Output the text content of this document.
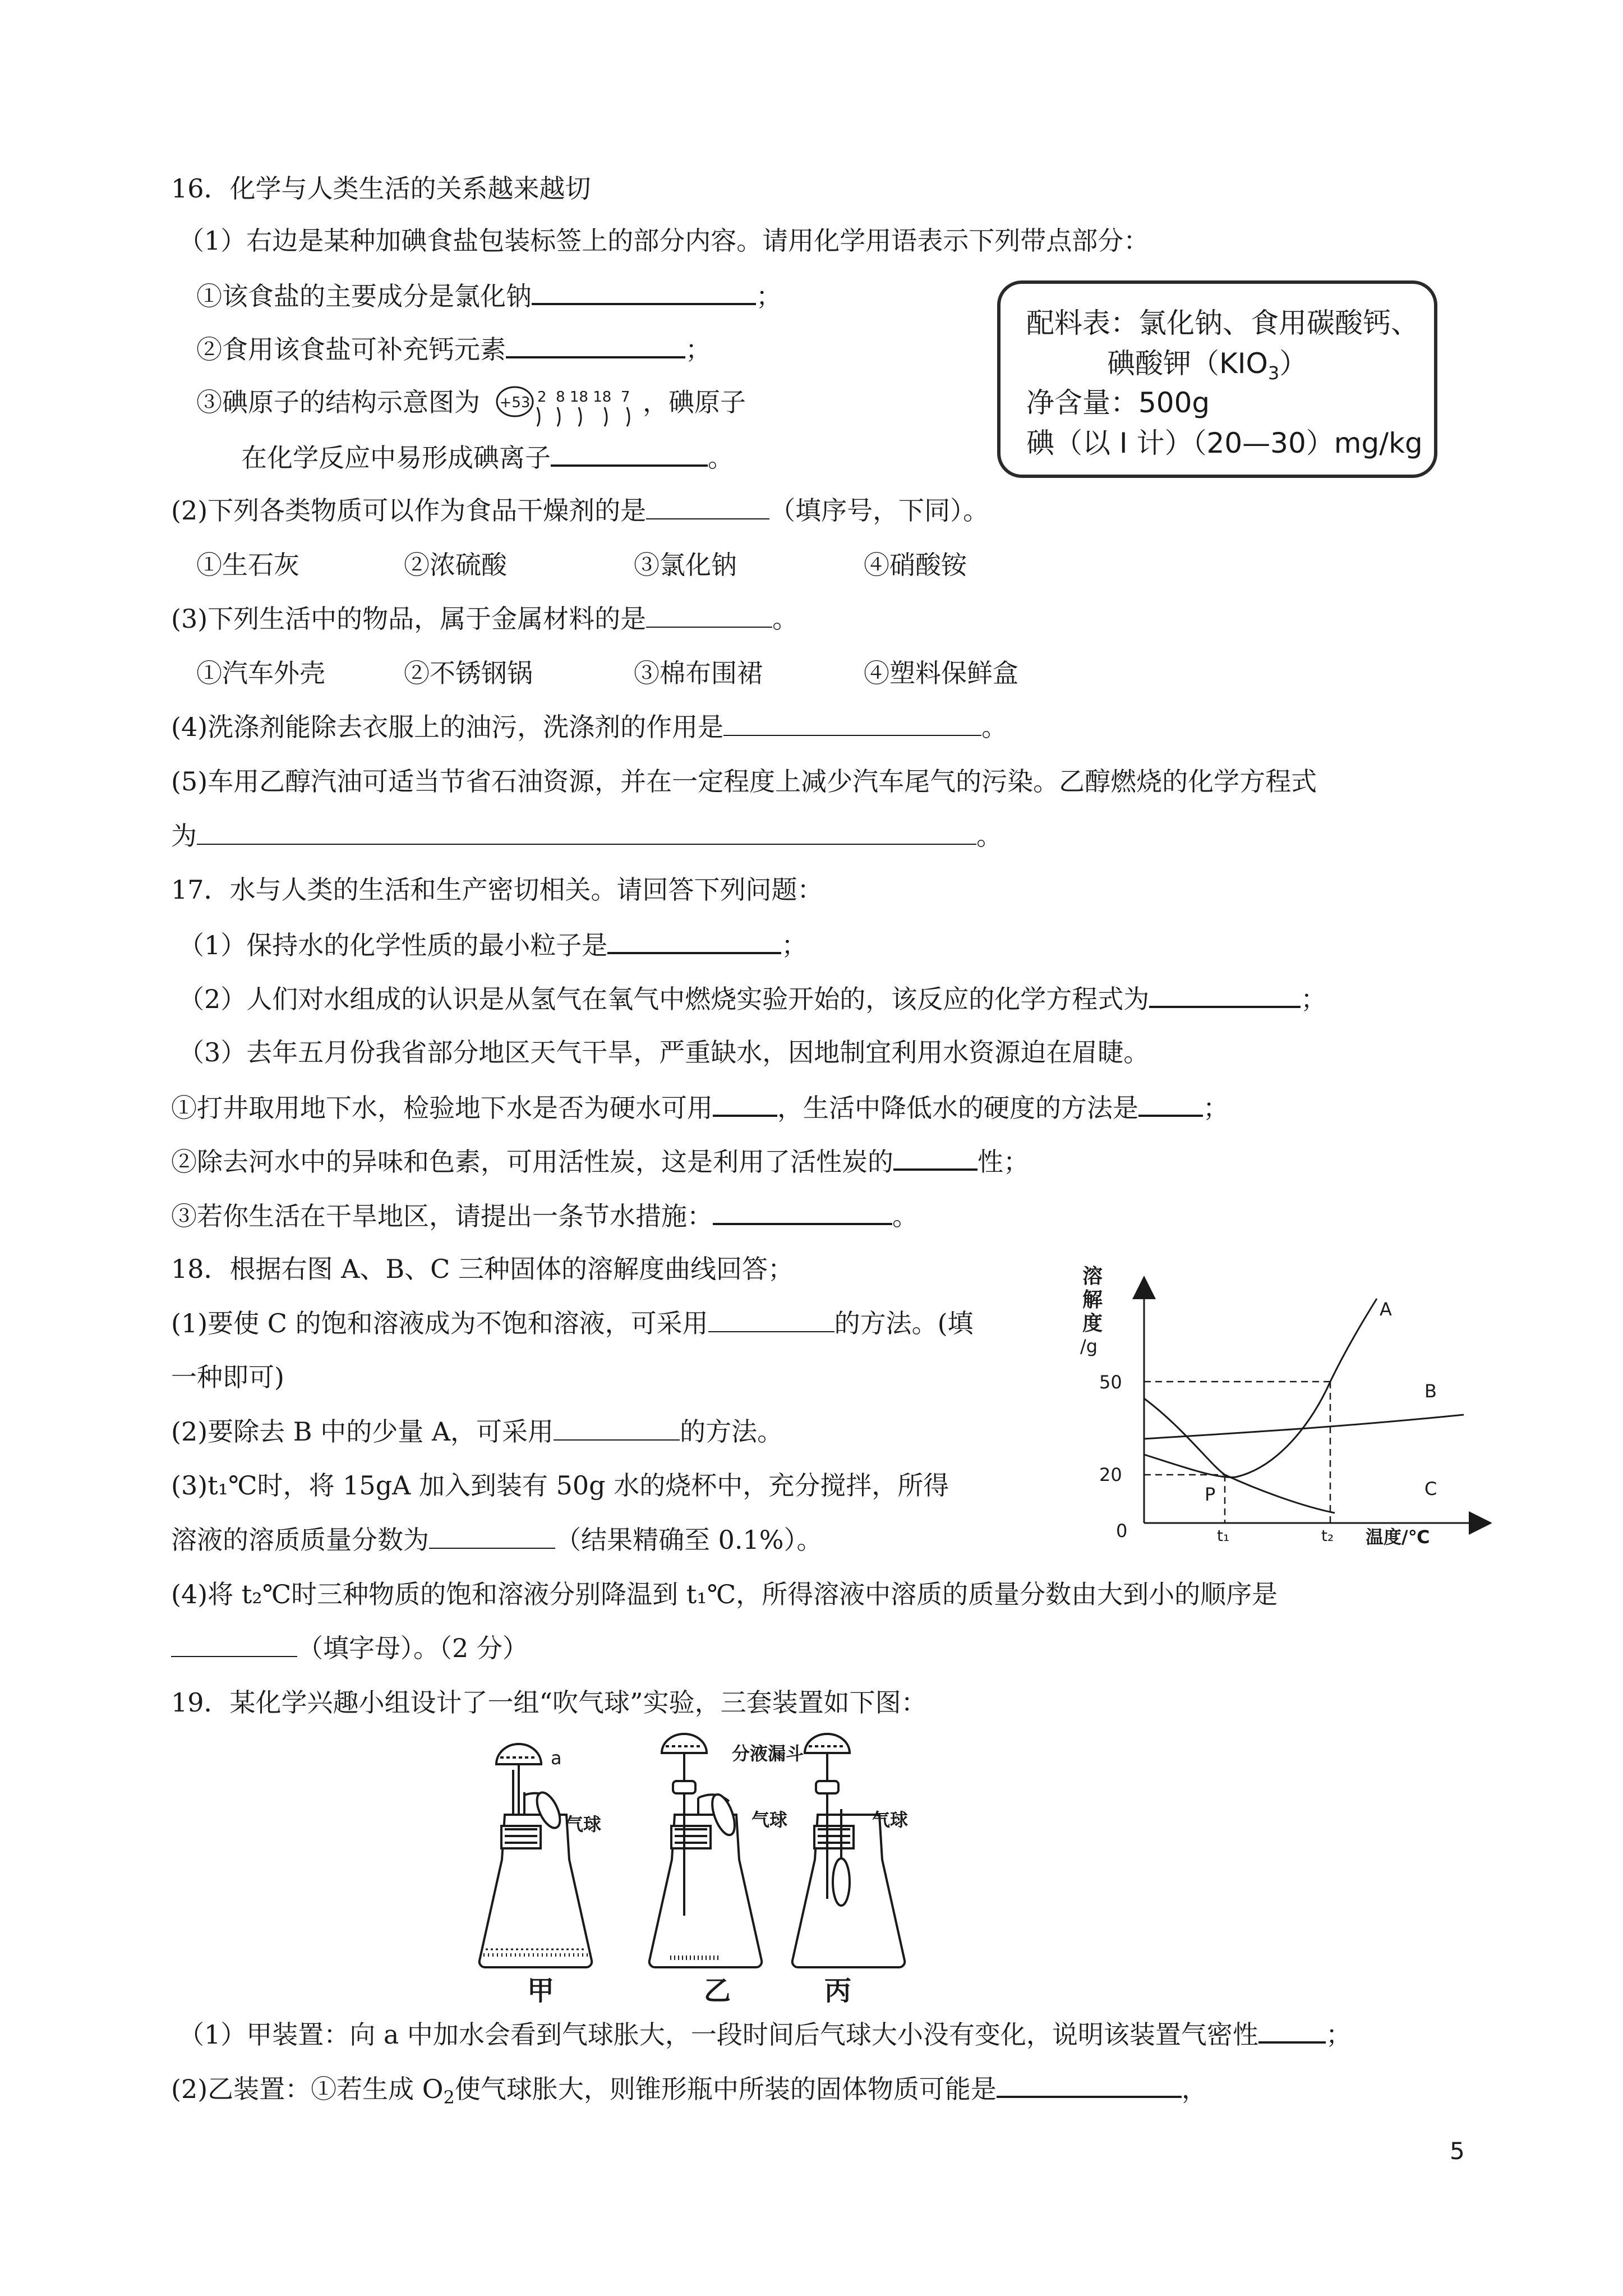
16．化学与人类生活的关系越来越切
（1）右边是某种加碘食盐包装标签上的部分内容。请用化学用语表示下列带点部分：
①该食盐的主要成分是氯化钠	；
②食用该食盐可补充钙元素	；
③碘原子的结构示意图为	，碘原子
+53 2  8 18 18  7
在化学反应中易形成碘离子	。
配料表：氯化钠、食用碳酸钙、
碘酸钾$(KIO_3)$
净含量：500g
碘（以 I 计）（20—30）mg/kg
(2)下列各类物质可以作为食品干燥剂的是	（填序号，下同）。
①生石灰	②浓硫酸	③氯化钠	④硝酸铵
(3)下列生活中的物品，属于金属材料的是	。
①汽车外壳	②不锈钢锅	③棉布围裙	④塑料保鲜盒
(4)洗涤剂能除去衣服上的油污，洗涤剂的作用是	。
(5)车用乙醇汽油可适当节省石油资源，并在一定程度上减少汽车尾气的污染。乙醇燃烧的化学方程式
为	。
17．水与人类的生活和生产密切相关。请回答下列问题：
（1）保持水的化学性质的最小粒子是	；
（2）人们对水组成的认识是从氢气在氧气中燃烧实验开始的，该反应的化学方程式为	；
（3）去年五月份我省部分地区天气干旱，严重缺水，因地制宜利用水资源迫在眉睫。
①打井取用地下水，检验地下水是否为硬水可用	，生活中降低水的硬度的方法是	；
②除去河水中的异味和色素，可用活性炭，这是利用了活性炭的	性；
③若你生活在干旱地区，请提出一条节水措施：	。
18．根据右图 A、B、C 三种固体的溶解度曲线回答；
(1)要使 C 的饱和溶液成为不饱和溶液，可采用	的方法。(填
一种即可)
(2)要除去 B 中的少量 A，可采用	的方法。
(3)t₁℃时，将 15gA 加入到装有 50g 水的烧杯中，充分搅拌，所得
溶液的溶质质量分数为	（结果精确至 0.1%）。
(4)将 t₂℃时三种物质的饱和溶液分别降温到 t₁℃，所得溶液中溶质的质量分数由大到小的顺序是
（填字母）。（2 分）
溶
解
度
/g
0
50
20
A
B
C
P
t₁	t₂ 温度/℃
19．某化学兴趣小组设计了一组“吹气球”实验，三套装置如下图：
a
气球
甲
分液漏斗
气球
乙
气球
丙
（1）甲装置：向 a 中加水会看到气球胀大，一段时间后气球大小没有变化，说明该装置气密性	；
(2)乙装置：①若生成 $O_2$使气球胀大，则锥形瓶中所装的固体物质可能是	，
5
